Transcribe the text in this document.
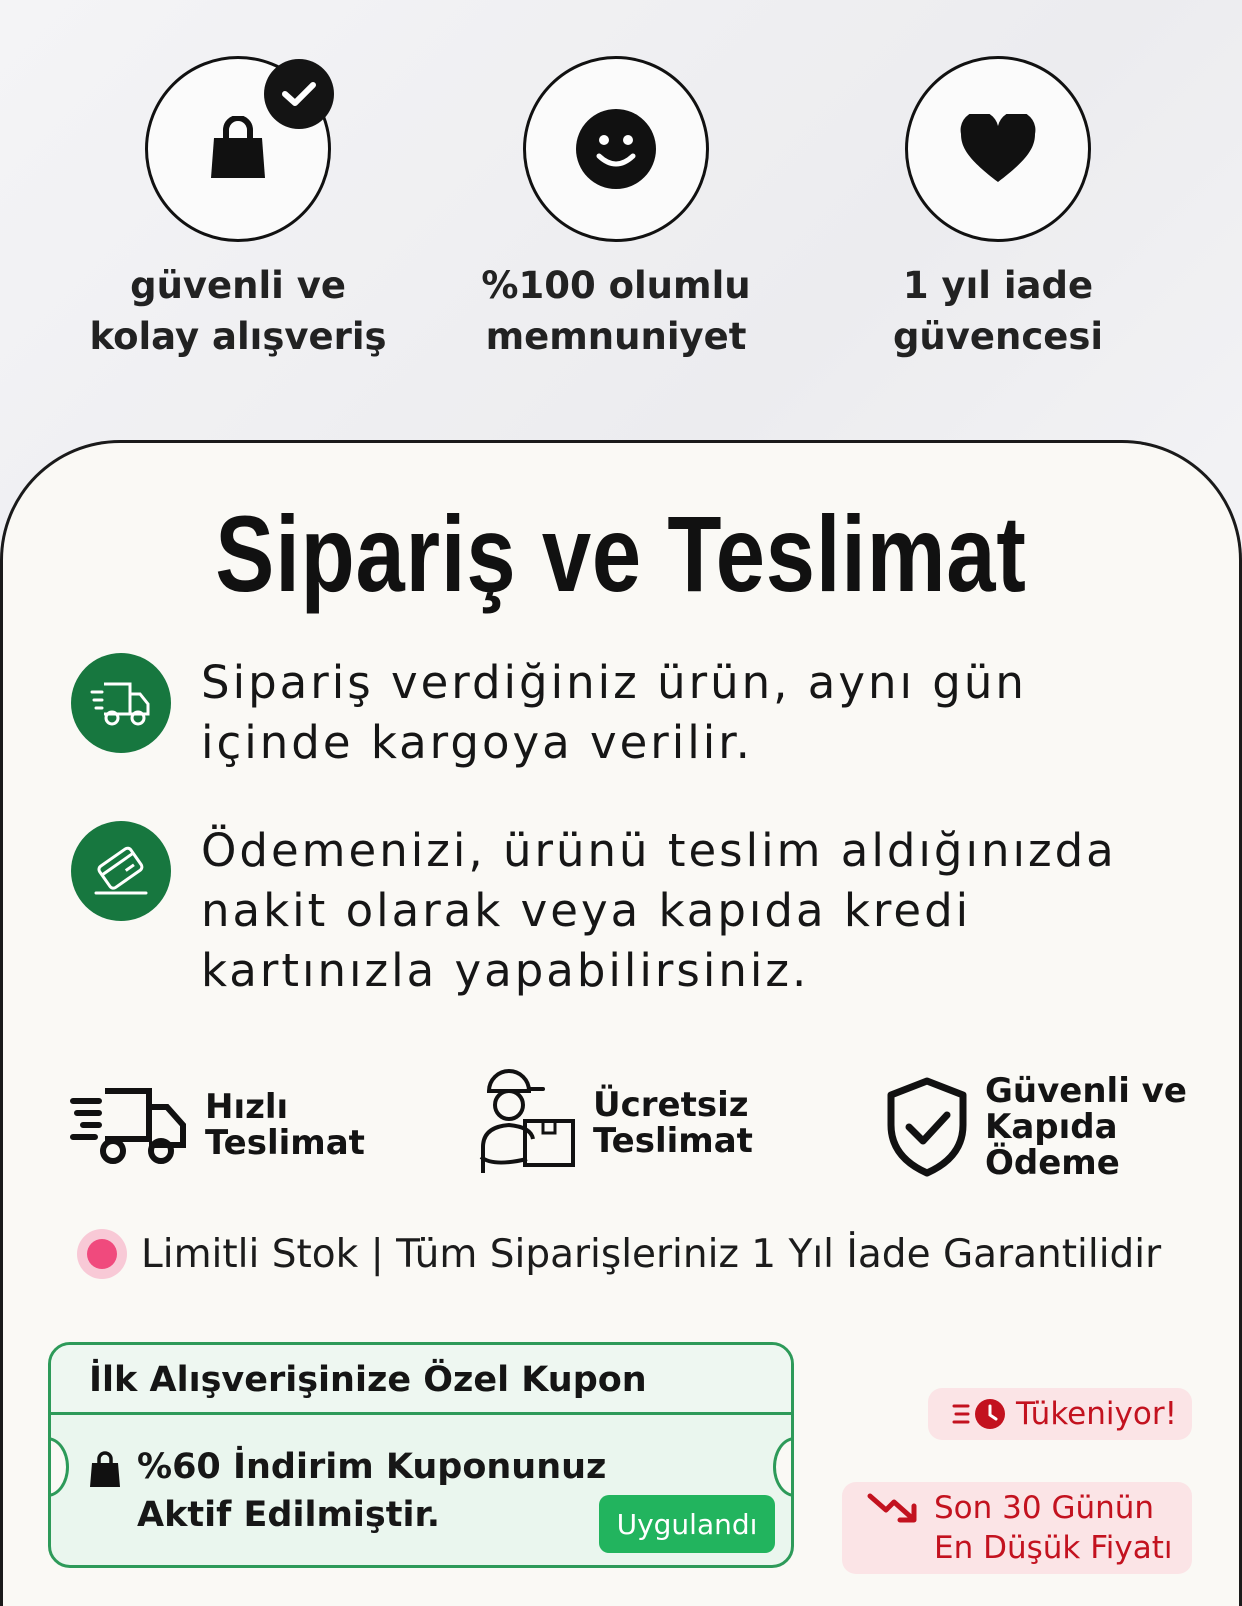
güvenli ve
kolay alışveriş
%100 olumlu
memnuniyet
1 yıl iade
güvencesi
Sipariş ve Teslimat
Sipariş verdiğiniz ürün, aynı gün içinde kargoya verilir.
Ödemenizi, ürünü teslim aldığınızda nakit olarak veya kapıda kredi kartınızla yapabilirsiniz.
Hızlı
Teslimat
Ücretsiz
Teslimat
Güvenli ve
Kapıda
Ödeme
Limitli Stok | Tüm Siparişleriniz 1 Yıl İade Garantilidir
İlk Alışverişinize Özel Kupon
%60 İndirim Kuponunuz
Aktif Edilmiştir.	Uygulandı
Tükeniyor!
Son 30 Günün
En Düşük Fiyatı
